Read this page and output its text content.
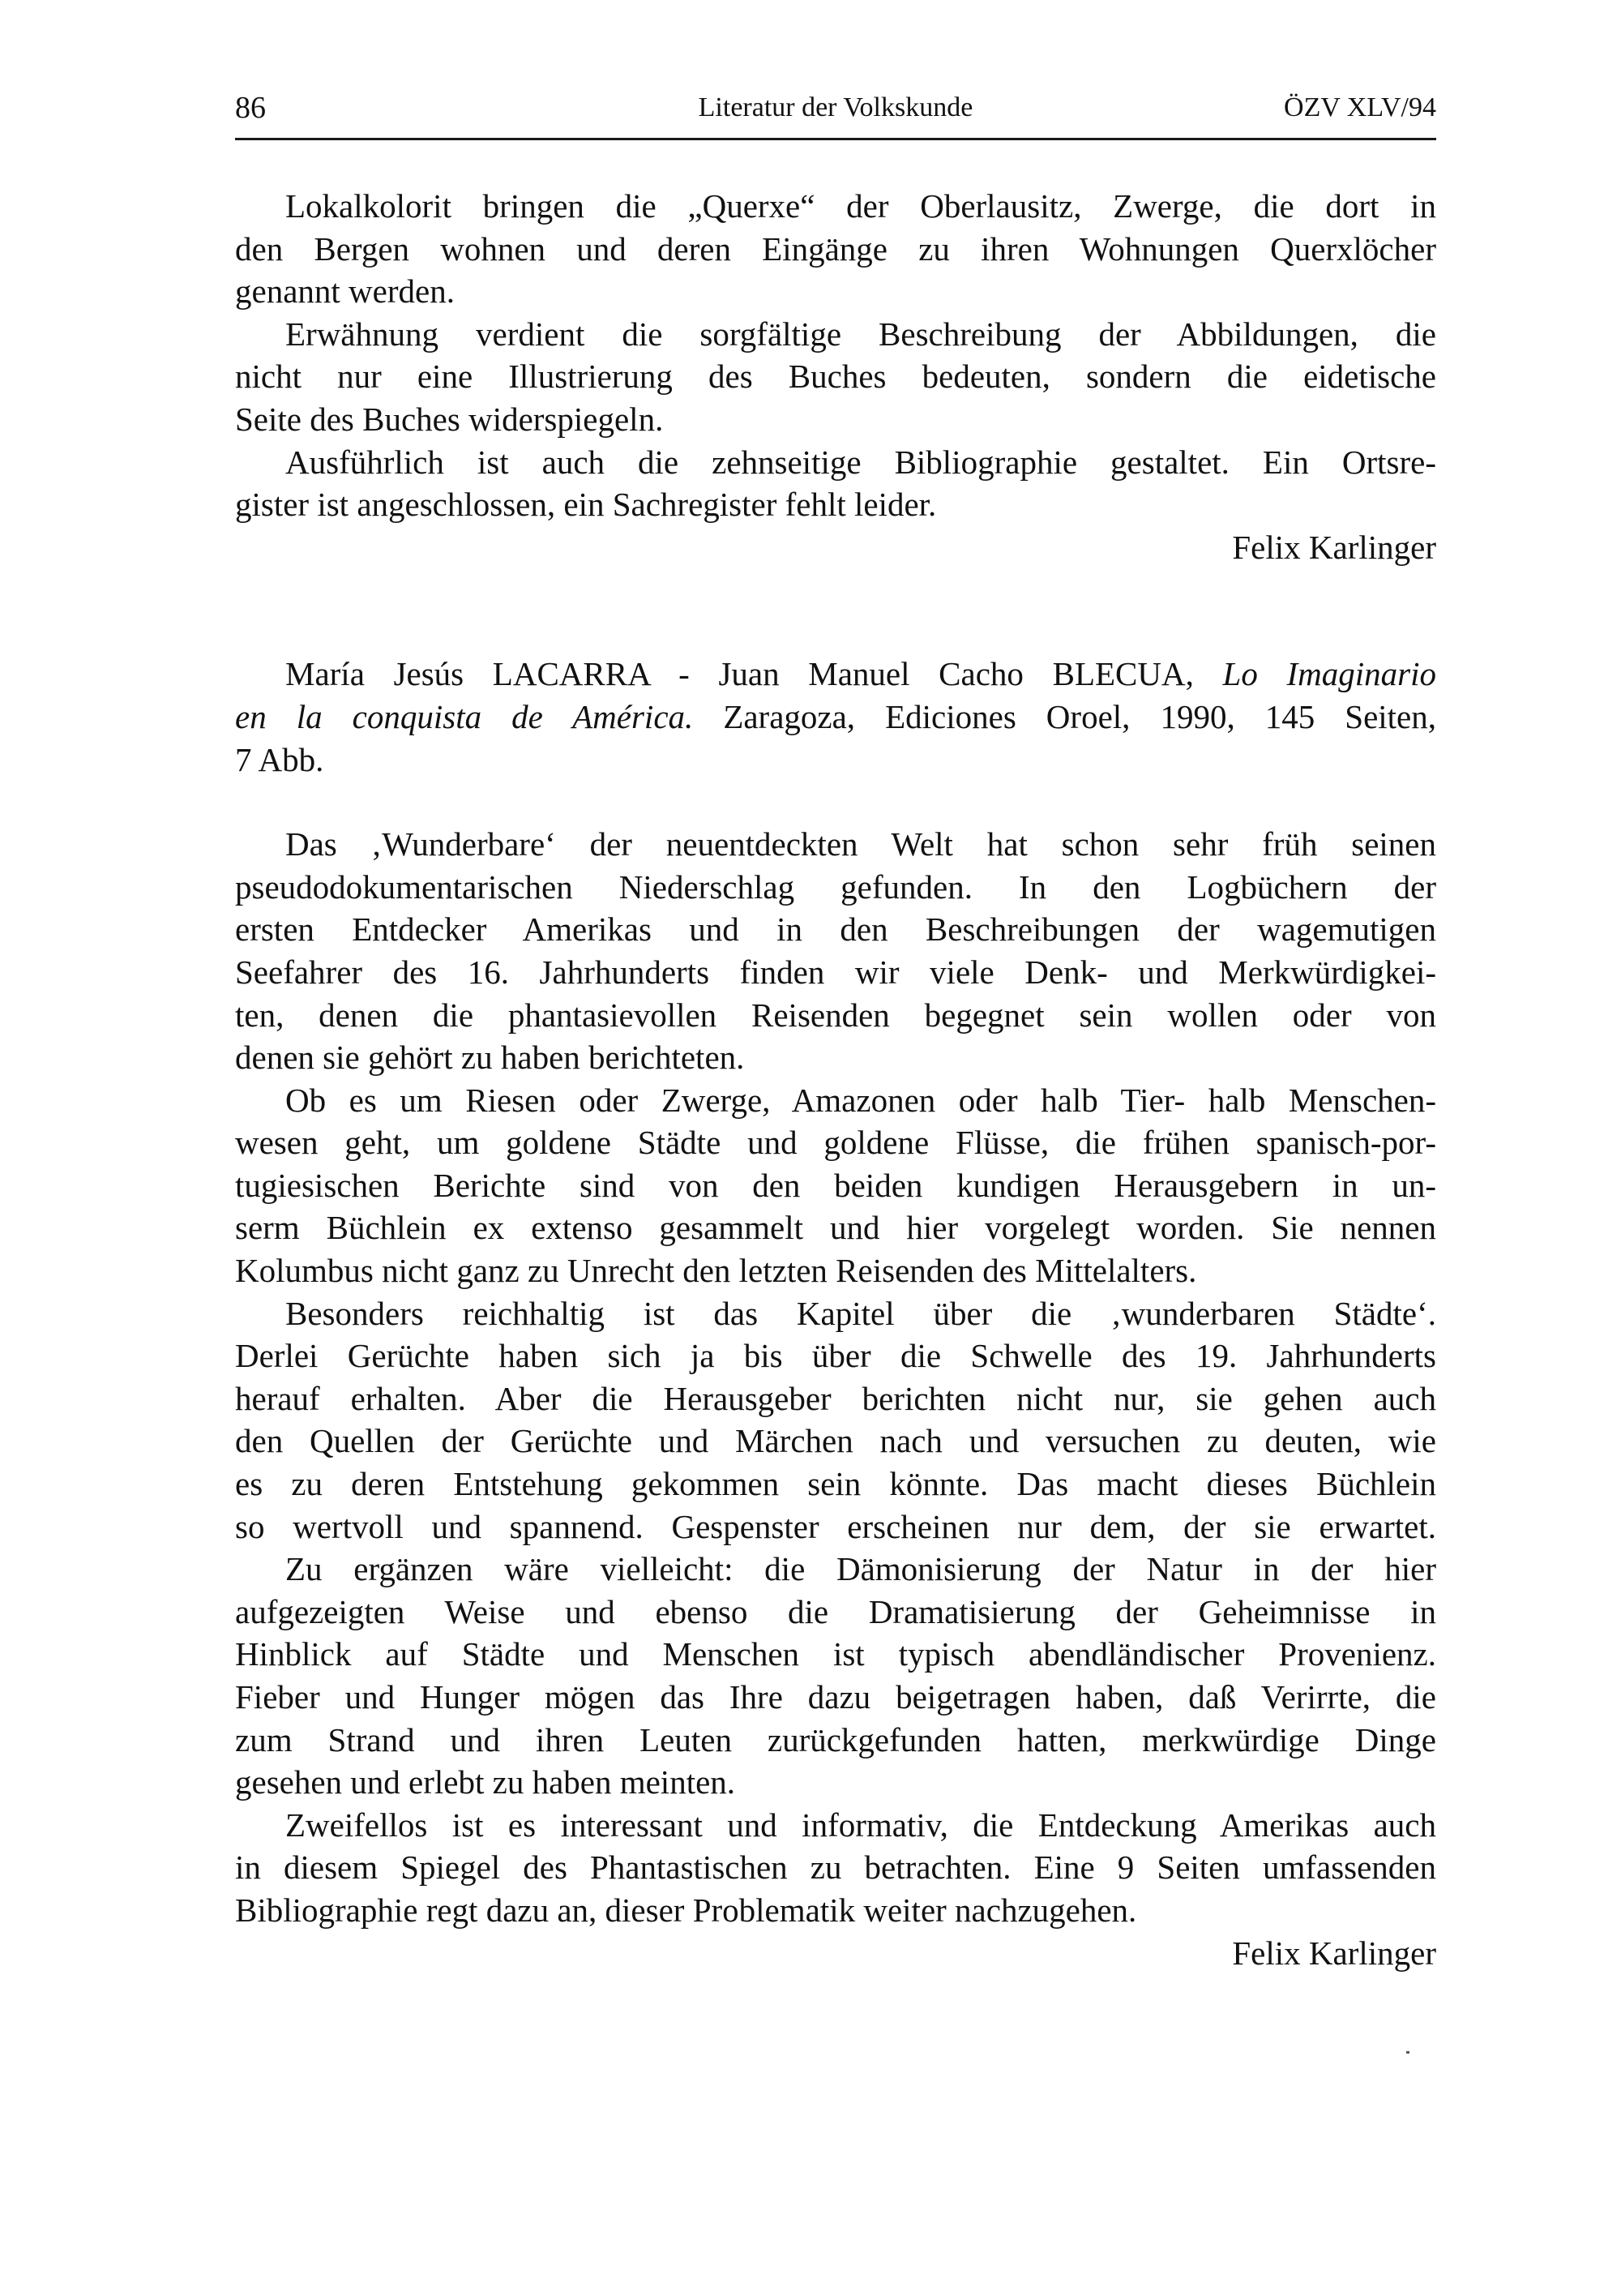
86	Literatur der Volkskunde	ÖZV XLV/94
Lokalkolorit bringen die „Querxe“ der Oberlausitz, Zwerge, die dort in
den Bergen wohnen und deren Eingänge zu ihren Wohnungen Querxlöcher
genannt werden.
Erwähnung verdient die sorgfältige Beschreibung der Abbildungen, die
nicht nur eine Illustrierung des Buches bedeuten, sondern die eidetische
Seite des Buches widerspiegeln.
Ausführlich ist auch die zehnseitige Bibliographie gestaltet. Ein Ortsre-
gister ist angeschlossen, ein Sachregister fehlt leider.
Felix Karlinger
María Jesús LACARRA - Juan Manuel Cacho BLECUA, Lo Imaginario
en la conquista de América. Zaragoza, Ediciones Oroel, 1990, 145 Seiten,
7 Abb.
Das ‚Wunderbare‘ der neuentdeckten Welt hat schon sehr früh seinen
pseudodokumentarischen Niederschlag gefunden. In den Logbüchern der
ersten Entdecker Amerikas und in den Beschreibungen der wagemutigen
Seefahrer des 16. Jahrhunderts finden wir viele Denk- und Merkwürdigkei-
ten, denen die phantasievollen Reisenden begegnet sein wollen oder von
denen sie gehört zu haben berichteten.
Ob es um Riesen oder Zwerge, Amazonen oder halb Tier- halb Menschen-
wesen geht, um goldene Städte und goldene Flüsse, die frühen spanisch-por-
tugiesischen Berichte sind von den beiden kundigen Herausgebern in un-
serm Büchlein ex extenso gesammelt und hier vorgelegt worden. Sie nennen
Kolumbus nicht ganz zu Unrecht den letzten Reisenden des Mittelalters.
Besonders reichhaltig ist das Kapitel über die ‚wunderbaren Städte‘.
Derlei Gerüchte haben sich ja bis über die Schwelle des 19. Jahrhunderts
herauf erhalten. Aber die Herausgeber berichten nicht nur, sie gehen auch
den Quellen der Gerüchte und Märchen nach und versuchen zu deuten, wie
es zu deren Entstehung gekommen sein könnte. Das macht dieses Büchlein
so wertvoll und spannend. Gespenster erscheinen nur dem, der sie erwartet.
Zu ergänzen wäre vielleicht: die Dämonisierung der Natur in der hier
aufgezeigten Weise und ebenso die Dramatisierung der Geheimnisse in
Hinblick auf Städte und Menschen ist typisch abendländischer Provenienz.
Fieber und Hunger mögen das Ihre dazu beigetragen haben, daß Verirrte, die
zum Strand und ihren Leuten zurückgefunden hatten, merkwürdige Dinge
gesehen und erlebt zu haben meinten.
Zweifellos ist es interessant und informativ, die Entdeckung Amerikas auch
in diesem Spiegel des Phantastischen zu betrachten. Eine 9 Seiten umfassenden
Bibliographie regt dazu an, dieser Problematik weiter nachzugehen.
Felix Karlinger
